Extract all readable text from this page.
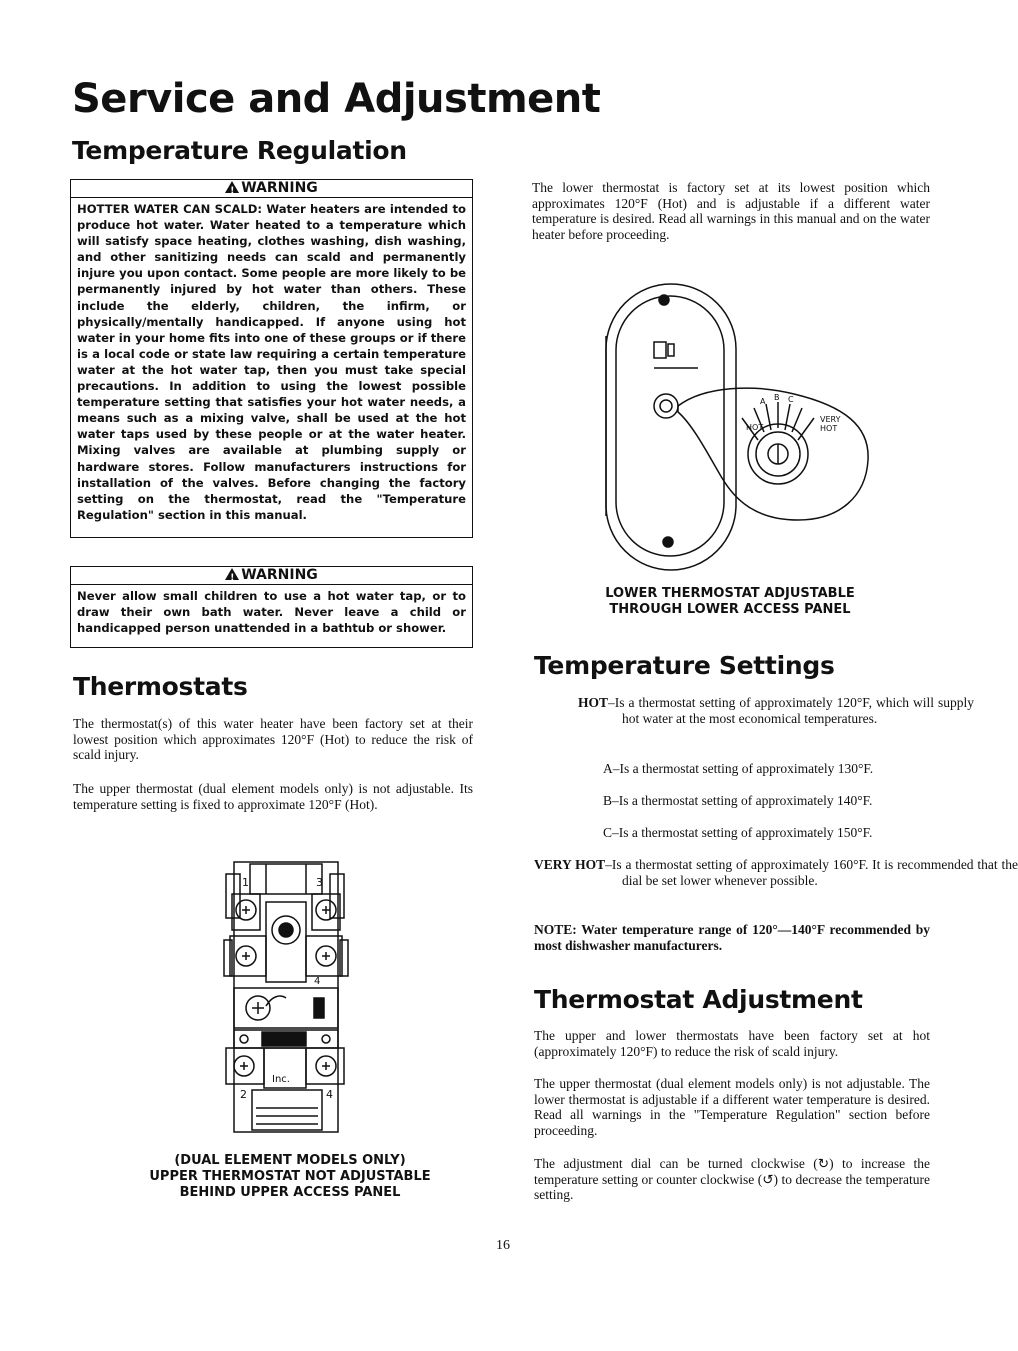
Service and Adjustment
Temperature Regulation
!WARNING
HOTTER WATER CAN SCALD: Water heaters are intended to produce hot water. Water heated to a temperature which will satisfy space heating, clothes washing, dish washing, and other sanitizing needs can scald and permanently injure you upon contact. Some people are more likely to be permanently injured by hot water than others. These include the elderly, children, the infirm, or physically/mentally handicapped. If anyone using hot water in your home fits into one of these groups or if there is a local code or state law requiring a certain temperature water at the hot water tap, then you must take special precautions. In addition to using the lowest possible temperature setting that satisfies your hot water needs, a means such as a mixing valve, shall be used at the hot water taps used by these people or at the water heater. Mixing valves are available at plumbing supply or hardware stores. Follow manufacturers instructions for installation of the valves. Before changing the factory setting on the thermostat, read the "Temperature Regulation" section in this manual.
!WARNING
Never allow small children to use a hot water tap, or to draw their own bath water. Never leave a child or handicapped person unattended in a bathtub or shower.
Thermostats

The thermostat(s) of this water heater have been factory set at their lowest position which approximates 120°F (Hot) to reduce the risk of scald injury.

The upper thermostat (dual element models only) is not adjustable. Its temperature setting is fixed to approximate 120°F (Hot).

1	3
4
2	4
Inc.
(DUAL ELEMENT MODELS ONLY)
UPPER THERMOSTAT NOT ADJUSTABLE
BEHIND UPPER ACCESS PANEL

The lower thermostat is factory set at its lowest position which approximates 120°F (Hot) and is adjustable if a different water temperature is desired. Read all warnings in this manual and on the water heater before proceeding.

HOT
A B C
VERY
HOT
LOWER THERMOSTAT ADJUSTABLE
THROUGH LOWER ACCESS PANEL
Temperature Settings

HOT–Is a thermostat setting of approximately 120°F, which will supply hot water at the most economical temperatures.

A–Is a thermostat setting of approximately 130°F.

B–Is a thermostat setting of approximately 140°F.

C–Is a thermostat setting of approximately 150°F.

VERY HOT–Is a thermostat setting of approximately 160°F. It is recommended that the dial be set lower whenever possible.

NOTE: Water temperature range of 120°—140°F recommended by most dishwasher manufacturers.

Thermostat Adjustment

The upper and lower thermostats have been factory set at hot (approximately 120°F) to reduce the risk of scald injury.

The upper thermostat (dual element models only) is not adjustable. The lower thermostat is adjustable if a different water temperature is desired. Read all warnings in the "Temperature Regulation" section before proceeding.

The adjustment dial can be turned clockwise (↻) to increase the temperature setting or counter clockwise (↺) to decrease the temperature setting.

16
